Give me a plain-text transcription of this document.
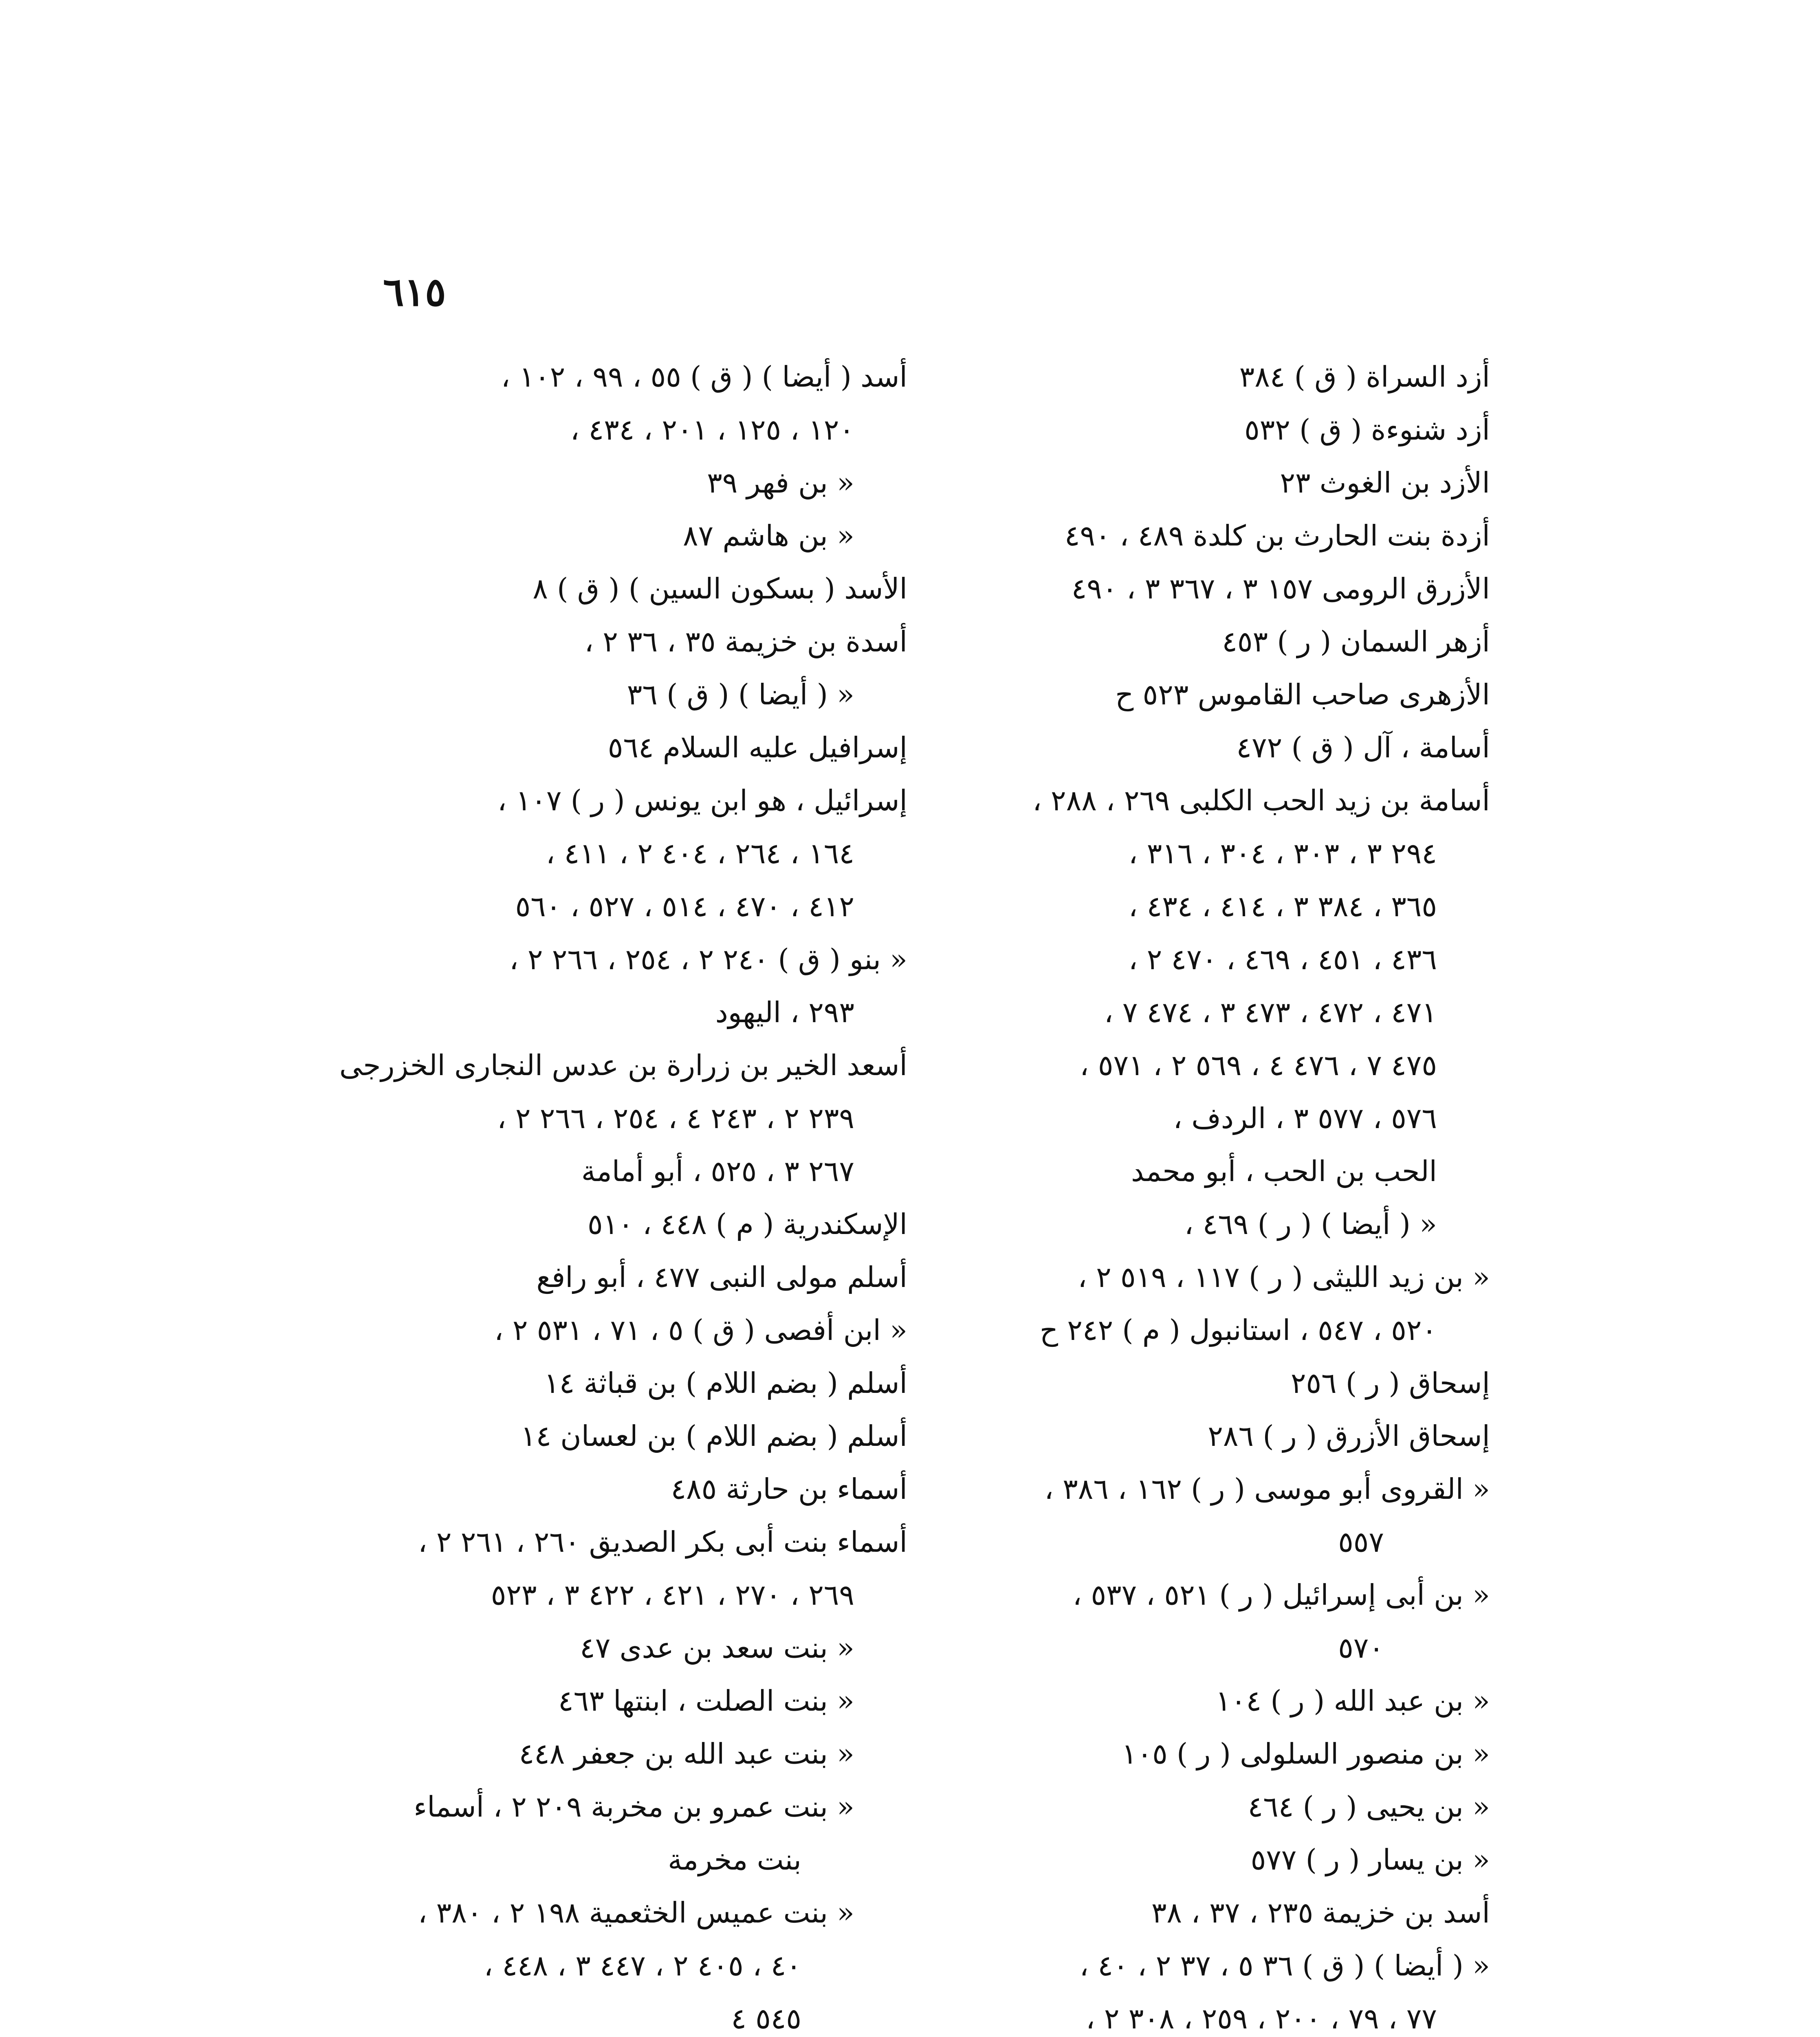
٦١٥
أزد السراة ( ق ) ٣٨٤
أزد شنوءة ( ق ) ٥٣٢
الأزد بن الغوث ٢٣
أزدة بنت الحارث بن كلدة ٤٨٩ ، ٤٩٠
الأزرق الرومى ١٥٧ ٣ ، ٣٦٧ ٣ ، ٤٩٠
أزهر السمان ( ر ) ٤٥٣
الأزهرى صاحب القاموس ٥٢٣ ح
أسامة ، آل ( ق ) ٤٧٢
أسامة بن زيد الحب الكلبى ٢٦٩ ، ٢٨٨ ،
٢٩٤ ٣ ، ٣٠٣ ، ٣٠٤ ، ٣١٦ ،
٣٦٥ ، ٣٨٤ ٣ ، ٤١٤ ، ٤٣٤ ،
٤٣٦ ، ٤٥١ ، ٤٦٩ ، ٤٧٠ ٢ ،
٤٧١ ، ٤٧٢ ، ٤٧٣ ٣ ، ٤٧٤ ٧ ،
٤٧٥ ٧ ، ٤٧٦ ٤ ، ٥٦٩ ٢ ، ٥٧١ ،
٥٧٦ ، ٥٧٧ ٣ ، الردف ،
الحب بن الحب ، أبو محمد
« ( أيضا ) ( ر ) ٤٦٩ ،
« بن زيد الليثى ( ر ) ١١٧ ، ٥١٩ ٢ ،
٥٢٠ ، ٥٤٧ ، استانبول ( م ) ٢٤٢ ح
إسحاق ( ر ) ٢٥٦
إسحاق الأزرق ( ر ) ٢٨٦
« القروى أبو موسى ( ر ) ١٦٢ ، ٣٨٦ ،
٥٥٧
« بن أبى إسرائيل ( ر ) ٥٢١ ، ٥٣٧ ،
٥٧٠
« بن عبد الله ( ر ) ١٠٤
« بن منصور السلولى ( ر ) ١٠٥
« بن يحيى ( ر ) ٤٦٤
« بن يسار ( ر ) ٥٧٧
أسد بن خزيمة ٢٣٥ ، ٣٧ ، ٣٨
« ( أيضا ) ( ق ) ٣٦ ٥ ، ٣٧ ٢ ، ٤٠ ،
٧٧ ، ٧٩ ، ٢٠٠ ، ٢٥٩ ، ٣٠٨ ٢ ،
أسد ( أيضا ) ( ق ) ٥٥ ، ٩٩ ، ١٠٢ ،
١٢٠ ، ١٢٥ ، ٢٠١ ، ٤٣٤ ،
« بن فهر ٣٩
« بن هاشم ٨٧
الأسد ( بسكون السين ) ( ق ) ٨
أسدة بن خزيمة ٣٥ ، ٣٦ ٢ ،
« ( أيضا ) ( ق ) ٣٦
إسرافيل عليه السلام ٥٦٤
إسرائيل ، هو ابن يونس ( ر ) ١٠٧ ،
١٦٤ ، ٢٦٤ ، ٤٠٤ ٢ ، ٤١١ ،
٤١٢ ، ٤٧٠ ، ٥١٤ ، ٥٢٧ ، ٥٦٠
« بنو ( ق ) ٢٤٠ ٢ ، ٢٥٤ ، ٢٦٦ ٢ ،
٢٩٣ ، اليهود
أسعد الخير بن زرارة بن عدس النجارى الخزرجى
٢٣٩ ٢ ، ٢٤٣ ٤ ، ٢٥٤ ، ٢٦٦ ٢ ،
٢٦٧ ٣ ، ٥٢٥ ، أبو أمامة
الإسكندرية ( م ) ٤٤٨ ، ٥١٠
أسلم مولى النبى ٤٧٧ ، أبو رافع
« ابن أفصى ( ق ) ٥ ، ٧١ ، ٥٣١ ٢ ،
أسلم ( بضم اللام ) بن قباثة ١٤
أسلم ( بضم اللام ) بن لعسان ١٤
أسماء بن حارثة ٤٨٥
أسماء بنت أبى بكر الصديق ٢٦٠ ، ٢٦١ ٢ ،
٢٦٩ ، ٢٧٠ ، ٤٢١ ، ٤٢٢ ٣ ، ٥٢٣
« بنت سعد بن عدى ٤٧
« بنت الصلت ، ابنتها ٤٦٣
« بنت عبد الله بن جعفر ٤٤٨
« بنت عمرو بن مخربة ٢٠٩ ٢ ، أسماء
بنت مخرمة
« بنت عميس الخثعمية ١٩٨ ٢ ، ٣٨٠ ،
٤٠ ، ٤٠٥ ٢ ، ٤٤٧ ٣ ، ٤٤٨ ،
٥٤٥ ٤
